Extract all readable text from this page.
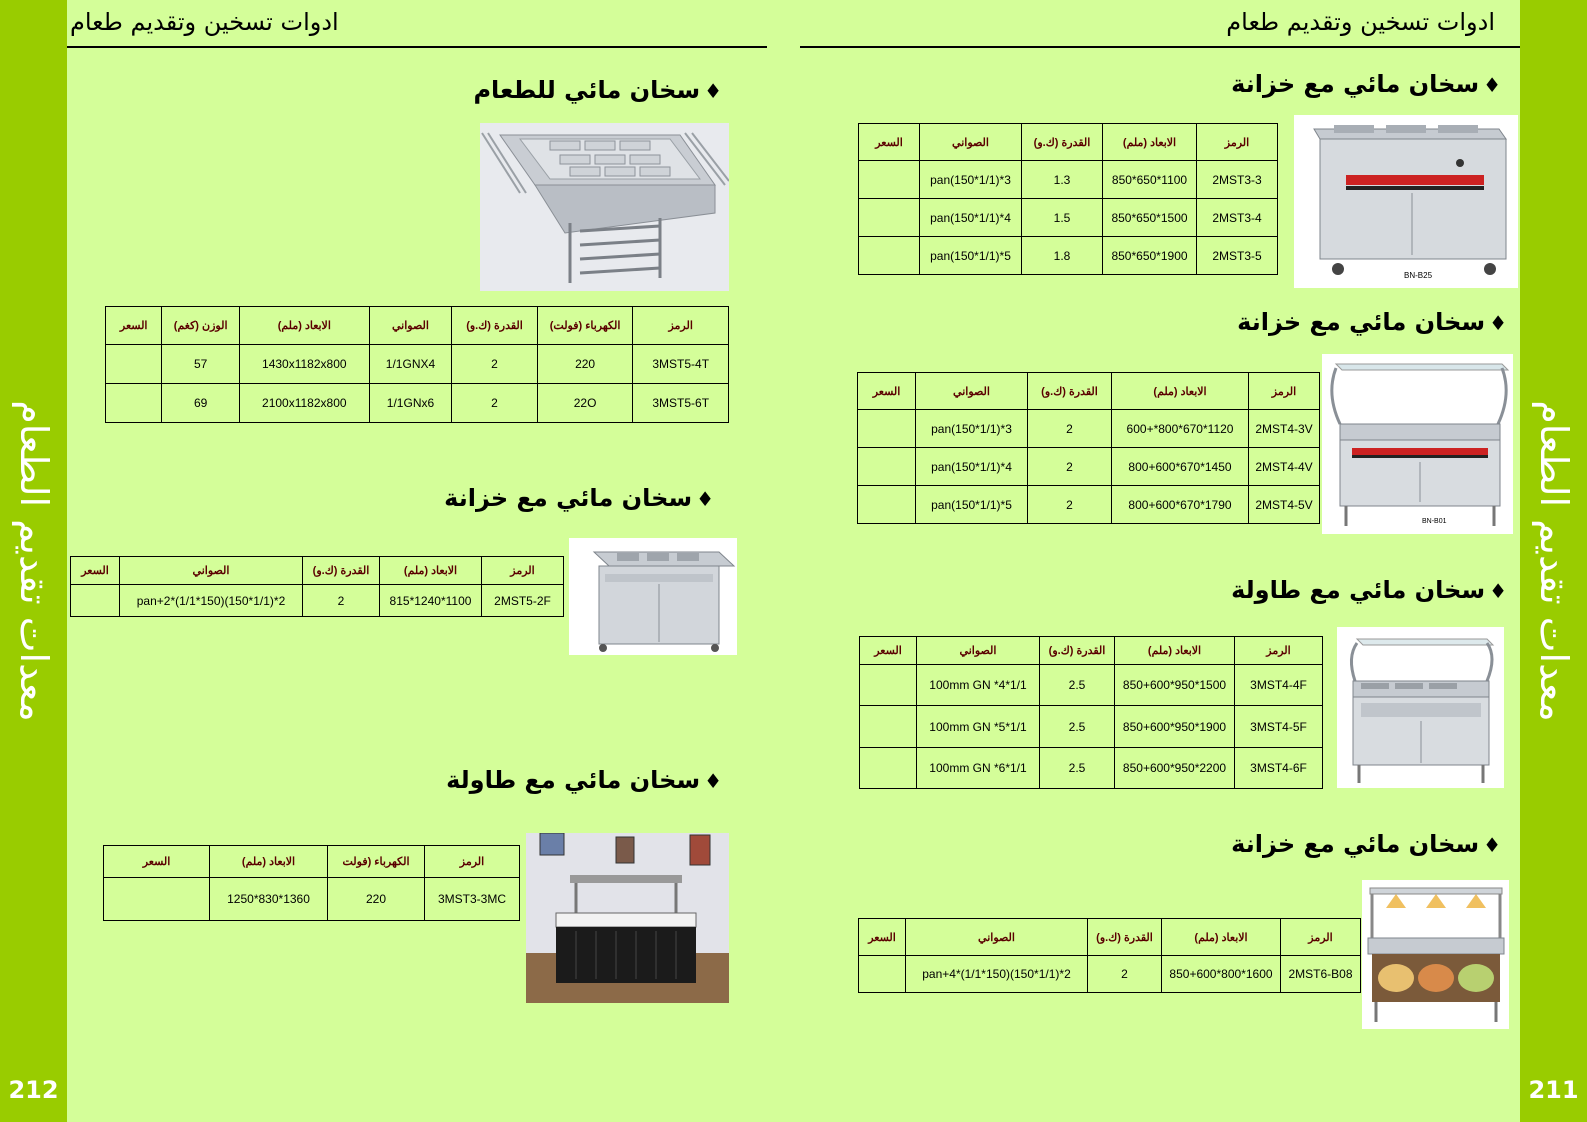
معدات تقديم الطعام
212
معدات تقديم الطعام
211
ادوات تسخين وتقديم طعام	ادوات تسخين وتقديم طعام
♦سخان مائي للطعام
الرمز	الكهرباء (فولت)	القدرة (ك.و)	الصواني	الابعاد (ملم)	الوزن (كغم)	السعر
3MST5-4T	220	2	1/1GNX4	1430x1182x800	57	
3MST5-6T	22O	2	1/1GNx6	2100x1182x800	69	
♦سخان مائي مع خزانة
الرمز	الابعاد (ملم)	القدرة (ك.و)	الصواني	السعر
2MST5-2F	1100*1240*815	2	2*(1/1*150)pan+2*(1/1*150)	
♦سخان مائي مع طاولة
الرمز	الكهرباء (فولت	الابعاد (ملم)	السعر
3MST3-3MC	220	1360*830*1250	
♦سخان مائي مع خزانة
BN-B25
الرمز	الابعاد (ملم)	القدرة (ك.و)	الصواني	السعر
2MST3-3	1100*650*850	1.3	3*(1/1*150)pan	
2MST3-4	1500*650*850	1.5	4*(1/1*150)pan	
2MST3-5	1900*650*850	1.8	5*(1/1*150)pan	
♦سخان مائي مع خزانة
BN-B01
الرمز	الابعاد (ملم)	القدرة (ك.و)	الصواني	السعر
2MST4-3V	1120*670*800*+600	2	3*(1/1*150)pan	
2MST4-4V	1450*670*800+600	2	4*(1/1*150)pan	
2MST4-5V	1790*670*800+600	2	5*(1/1*150)pan	
♦سخان مائي مع طاولة
الرمز	الابعاد (ملم)	القدرة (ك.و)	الصواني	السعر
3MST4-4F	1500*950*850+600	2.5	1/1*100mm GN *4	
3MST4-5F	1900*950*850+600	2.5	1/1*100mm GN *5	
3MST4-6F	2200*950*850+600	2.5	1/1*100mm GN *6	
♦سخان مائي مع خزانة
الرمز	الابعاد (ملم)	القدرة (ك.و)	الصواني	السعر
2MST6-B08	1600*800*850+600	2	2*(1/1*150)pan+4*(1/1*150)	
